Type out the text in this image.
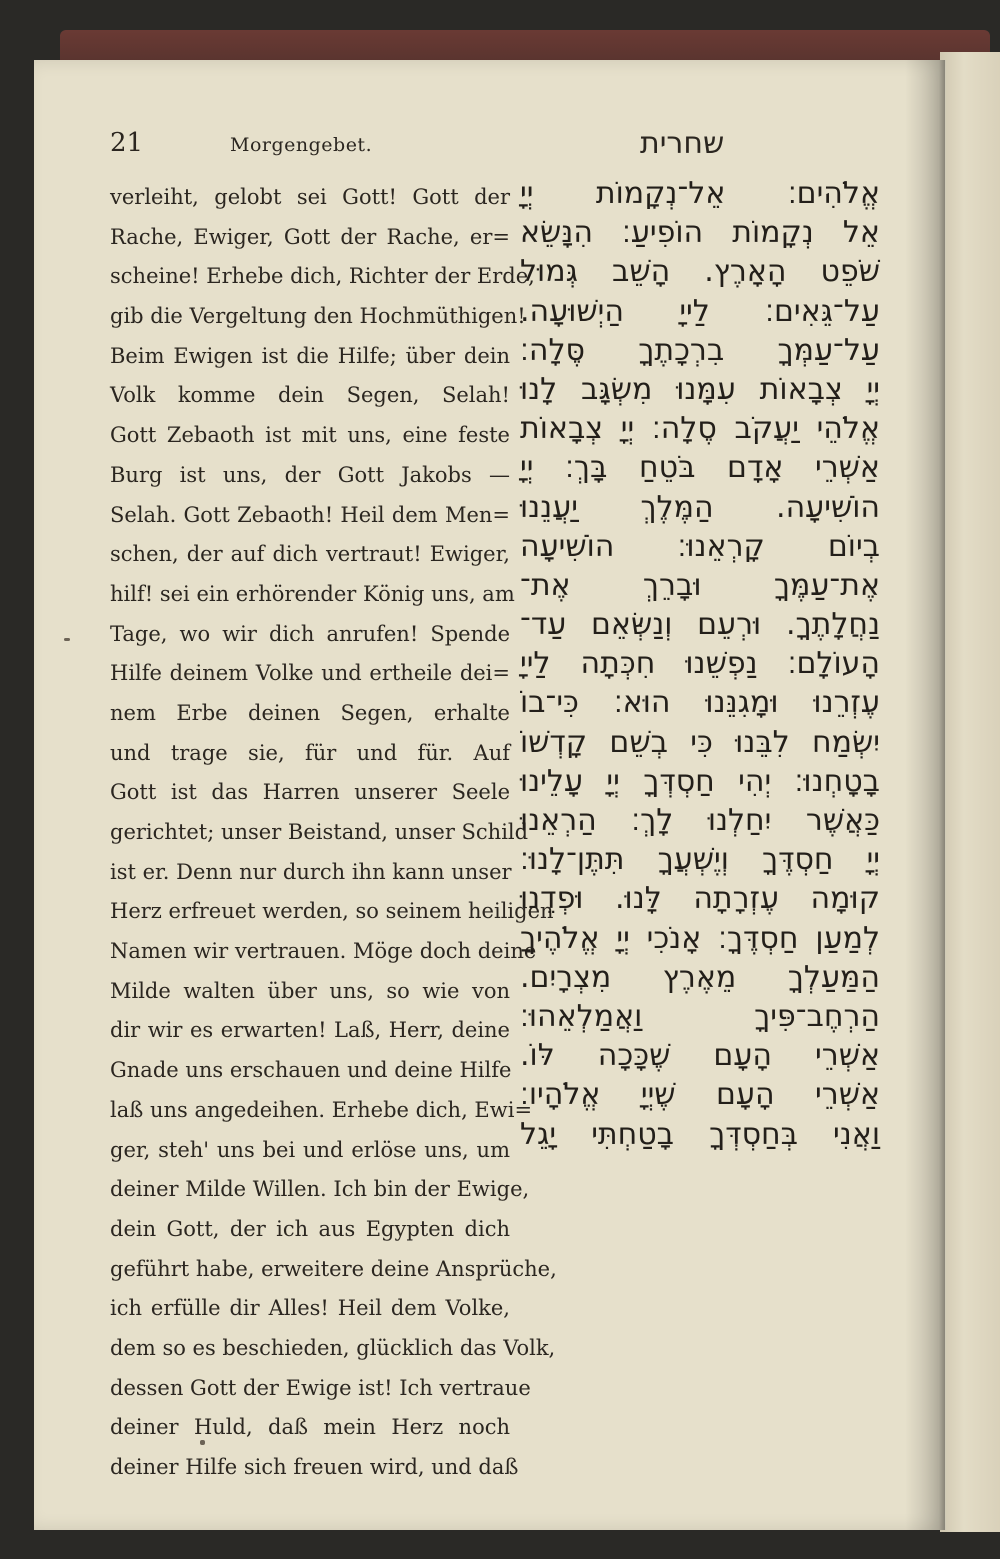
21	Morgengebet.	שחרית
verleiht, gelobt sei Gott! Gott der
Rache, Ewiger, Gott der Rache, er=
scheine! Erhebe dich, Richter der Erde,
gib die Vergeltung den Hochmüthigen!
Beim Ewigen ist die Hilfe; über dein
Volk komme dein Segen, Selah!
Gott Zebaoth ist mit uns, eine feste
Burg ist uns, der Gott Jakobs —
Selah. Gott Zebaoth! Heil dem Men=
schen, der auf dich vertraut! Ewiger,
hilf! sei ein erhörender König uns, am
Tage, wo wir dich anrufen! Spende
Hilfe deinem Volke und ertheile dei=
nem Erbe deinen Segen, erhalte
und trage sie, für und für. Auf
Gott ist das Harren unserer Seele
gerichtet; unser Beistand, unser Schild
ist er. Denn nur durch ihn kann unser
Herz erfreuet werden, so seinem heiligen
Namen wir vertrauen. Möge doch deine
Milde walten über uns, so wie von
dir wir es erwarten! Laß, Herr, deine
Gnade uns erschauen und deine Hilfe
laß uns angedeihen. Erhebe dich, Ewi=
ger, steh' uns bei und erlöse uns, um
deiner Milde Willen. Ich bin der Ewige,
dein Gott, der ich aus Egypten dich
geführt habe, erweitere deine Ansprüche,
ich erfülle dir Alles! Heil dem Volke,
dem so es beschieden, glücklich das Volk,
dessen Gott der Ewige ist! Ich vertraue
deiner Huld, daß mein Herz noch
deiner Hilfe sich freuen wird, und daß
אֱלֹהִים׃ אֵל־נְקָמוֹת יְיָ
אֵל נְקָמוֹת הוֹפִיעַ׃ הִנָּשֵׂא
שֹׁפֵט הָאָרֶץ. הָשֵׁב גְּמוּל
עַל־גֵּאִים׃ לַייָ הַיְשׁוּעָה.
עַל־עַמְּךָ בִרְכָתֶךָ סֶּלָה׃
יְיָ צְבָאוֹת עִמָּנוּ מִשְׂגָּב לָנוּ
אֱלֹהֵי יַעֲקֹב סֶלָה׃ יְיָ צְבָאוֹת
אַשְׁרֵי אָדָם בֹּטֵחַ בָּךְ׃ יְיָ
הוֹשִׁיעָה. הַמֶּלֶךְ יַעֲנֵנוּ
בְיוֹם קָרְאֵנוּ׃ הוֹשִׁיעָה
אֶת־עַמֶּךָ וּבָרֵךְ אֶת־
נַחֲלָתֶךָ. וּרְעֵם וְנַשְּׂאֵם עַד־
הָעוֹלָם׃ נַפְשֵׁנוּ חִכְּתָה לַייָ
עֶזְרֵנוּ וּמָגִנֵּנוּ הוּא׃ כִּי־בוֹ
יִשְׂמַח לִבֵּנוּ כִּי בְשֵׁם קָדְשׁוֹ
בָטָחְנוּ׃ יְהִי חַסְדְּךָ יְיָ עָלֵינוּ
כַּאֲשֶׁר יִחַלְנוּ לָךְ׃ הַרְאֵנוּ
יְיָ חַסְדֶּךָ וְיֶשְׁעֲךָ תִּתֶּן־לָנוּ׃
קוּמָה עֶזְרָתָה לָּנוּ. וּפְדֵנוּ
לְמַעַן חַסְדֶּךָ׃ אָנֹכִי יְיָ אֱלֹהֶיךָ
הַמַּעַלְךָ מֵאֶרֶץ מִצְרָיִם.
הַרְחֶב־פִּיךָ וַאֲמַלְאֵהוּ׃
אַשְׁרֵי הָעָם שֶׁכָּכָה לּוֹ.
אַשְׁרֵי הָעָם שֶׁיְיָ אֱלֹהָיו׃
וַאֲנִי בְּחַסְדְּךָ בָטַחְתִּי יָגֵל
